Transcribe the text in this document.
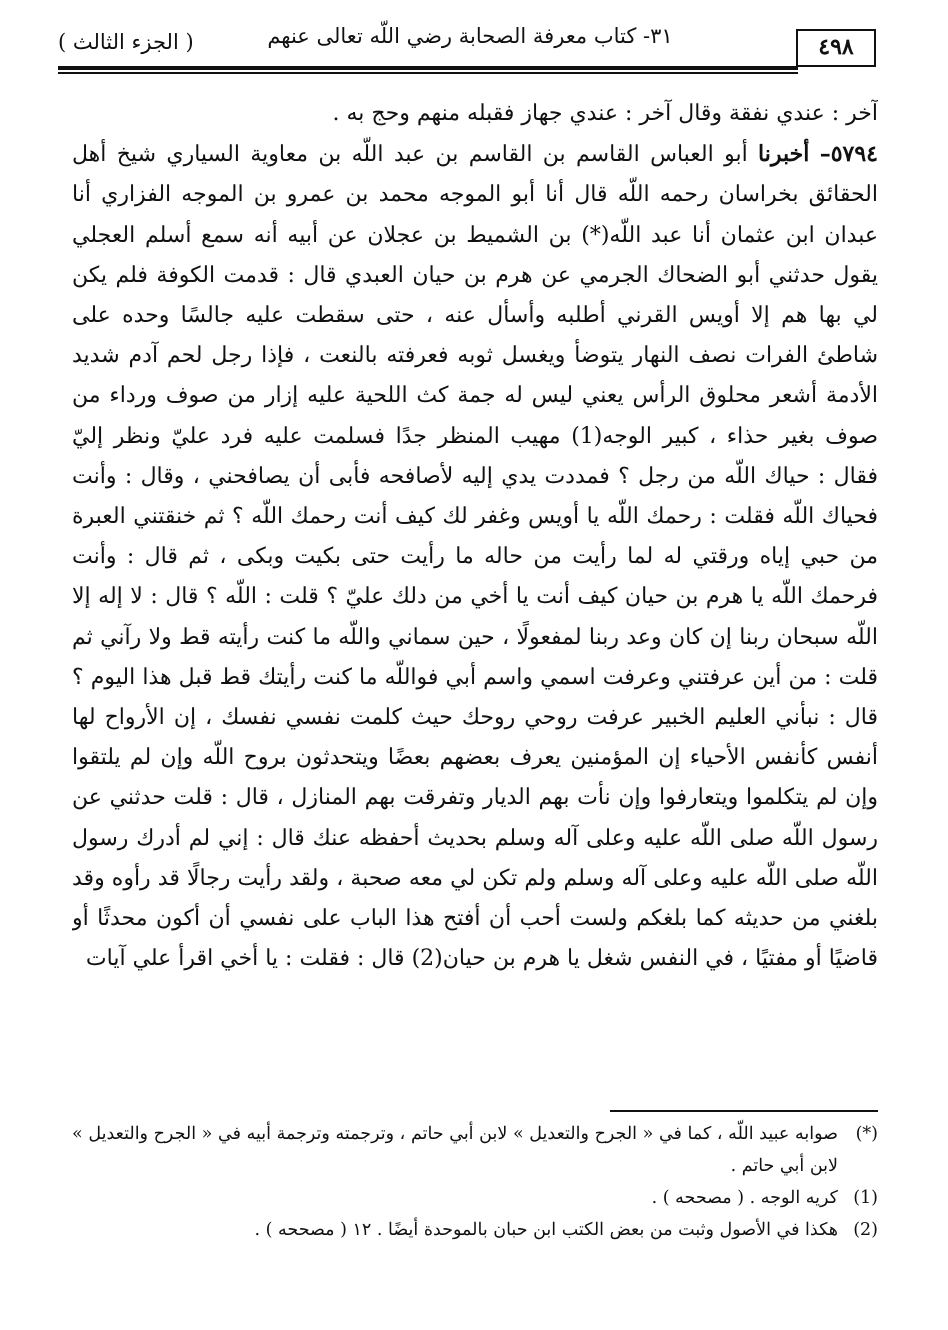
( الجزء الثالث )	٣١- كتاب معرفة الصحابة رضي اللّه تعالى عنهم	٤٩٨

آخر : عندي نفقة وقال آخر : عندي جهاز فقبله منهم وحج به .

٥٧٩٤– أخبرنا أبو العباس القاسم بن القاسم بن عبد اللّه بن معاوية السياري شيخ أهل الحقائق بخراسان رحمه اللّه قال أنا أبو الموجه محمد بن عمرو بن الموجه الفزاري أنا عبدان ابن عثمان أنا عبد اللّه(*) بن الشميط بن عجلان عن أبيه أنه سمع أسلم العجلي يقول حدثني أبو الضحاك الجرمي عن هرم بن حيان العبدي قال : قدمت الكوفة فلم يكن لي بها هم إلا أويس القرني أطلبه وأسأل عنه ، حتى سقطت عليه جالسًا وحده على شاطئ الفرات نصف النهار يتوضأ ويغسل ثوبه فعرفته بالنعت ، فإذا رجل لحم آدم شديد الأدمة أشعر محلوق الرأس يعني ليس له جمة كث اللحية عليه إزار من صوف ورداء من صوف بغير حذاء ، كبير الوجه(1) مهيب المنظر جدًا فسلمت عليه فرد عليّ ونظر إليّ فقال : حياك اللّه من رجل ؟ فمددت يدي إليه لأصافحه فأبى أن يصافحني ، وقال : وأنت فحياك اللّه فقلت : رحمك اللّه يا أويس وغفر لك كيف أنت رحمك اللّه ؟ ثم خنقتني العبرة من حبي إياه ورقتي له لما رأيت من حاله ما رأيت حتى بكيت وبكى ، ثم قال : وأنت فرحمك اللّه يا هرم بن حيان كيف أنت يا أخي من دلك عليّ ؟ قلت : اللّه ؟ قال : لا إله إلا اللّه سبحان ربنا إن كان وعد ربنا لمفعولًا ، حين سماني واللّه ما كنت رأيته قط ولا رآني ثم قلت : من أين عرفتني وعرفت اسمي واسم أبي فواللّه ما كنت رأيتك قط قبل هذا اليوم ؟ قال : نبأني العليم الخبير عرفت روحي روحك حيث كلمت نفسي نفسك ، إن الأرواح لها أنفس كأنفس الأحياء إن المؤمنين يعرف بعضهم بعضًا ويتحدثون بروح اللّه وإن لم يلتقوا وإن لم يتكلموا ويتعارفوا وإن نأت بهم الديار وتفرقت بهم المنازل ، قال : قلت حدثني عن رسول اللّه صلى اللّه عليه وعلى آله وسلم بحديث أحفظه عنك قال : إني لم أدرك رسول اللّه صلى اللّه عليه وعلى آله وسلم ولم تكن لي معه صحبة ، ولقد رأيت رجالًا قد رأوه وقد بلغني من حديثه كما بلغكم ولست أحب أن أفتح هذا الباب على نفسي أن أكون محدثًا أو قاضيًا أو مفتيًا ، في النفس شغل يا هرم بن حيان(2) قال : فقلت : يا أخي اقرأ علي آيات

(*)
صوابه عبيد اللّه ، كما في « الجرح والتعديل » لابن أبي حاتم ، وترجمته وترجمة أبيه في « الجرح والتعديل » لابن أبي حاتم .
(1)
كريه الوجه . ( مصححه ) .
(2)
هكذا في الأصول وثبت من بعض الكتب ابن حبان بالموحدة أيضًا . ١٢ ( مصححه ) .
